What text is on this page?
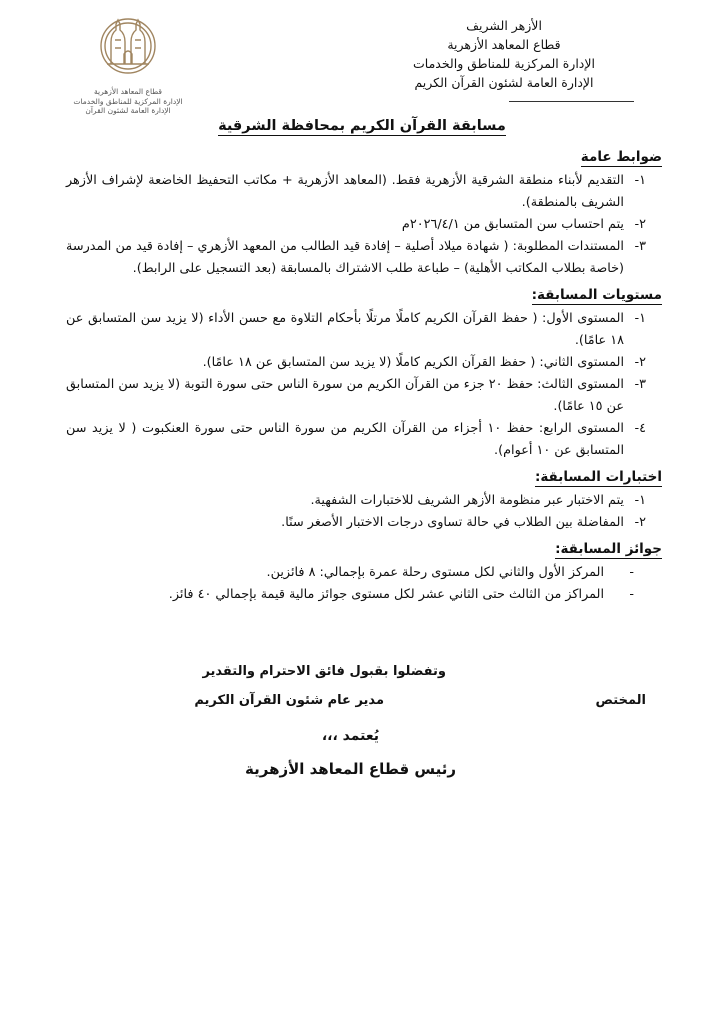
الأزهر الشريف
قطاع المعاهد الأزهرية
الإدارة المركزية للمناطق والخدمات
الإدارة العامة لشئون القرآن الكريم
قطاع المعاهد الأزهرية
الإدارة المركزية للمناطق والخدمات
الإدارة العامة لشئون القرآن
مسابقة القرآن الكريم بمحافظة الشرقية
ضوابط عامة
١-
التقديم لأبناء منطقة الشرقية الأزهرية فقط. (المعاهد الأزهرية + مكاتب التحفيظ الخاضعة لإشراف الأزهر الشريف بالمنطقة).
٢-
يتم احتساب سن المتسابق من ٢٠٢٦/٤/١م
٣-
المستندات المطلوبة: ( شهادة ميلاد أصلية – إفادة قيد الطالب من المعهد الأزهري – إفادة قيد من المدرسة (خاصة بطلاب المكاتب الأهلية) – طباعة طلب الاشتراك بالمسابقة (بعد التسجيل على الرابط).
مستويات المسابقة:
١-
المستوى الأول: ( حفظ القرآن الكريم كاملًا مرتلًا بأحكام التلاوة مع حسن الأداء (لا يزيد سن المتسابق عن ١٨ عامًا).
٢-
المستوى الثاني: ( حفظ القرآن الكريم كاملًا (لا يزيد سن المتسابق عن ١٨ عامًا).
٣-
المستوى الثالث: حفظ ٢٠ جزء من القرآن الكريم من سورة الناس حتى سورة التوبة (لا يزيد سن المتسابق عن ١٥ عامًا).
٤-
المستوى الرابع: حفظ ١٠ أجزاء من القرآن الكريم من سورة الناس حتى سورة العنكبوت ( لا يزيد سن المتسابق عن ١٠ أعوام).
اختبارات المسابقة:
١-
يتم الاختبار عبر منظومة الأزهر الشريف للاختبارات الشفهية.
٢-
المفاضلة بين الطلاب في حالة تساوى درجات الاختبار الأصغر سنًا.
جوائز المسابقة:
-
المركز الأول والثاني لكل مستوى رحلة عمرة بإجمالي: ٨ فائزين.
-
المراكز من الثالث حتى الثاني عشر لكل مستوى جوائز مالية قيمة بإجمالي ٤٠ فائز.
وتفضلوا بقبول فائق الاحترام والتقدير
المختص
مدير عام شئون القرآن الكريم
يُعتمد ،،،
رئيس قطاع المعاهد الأزهرية
